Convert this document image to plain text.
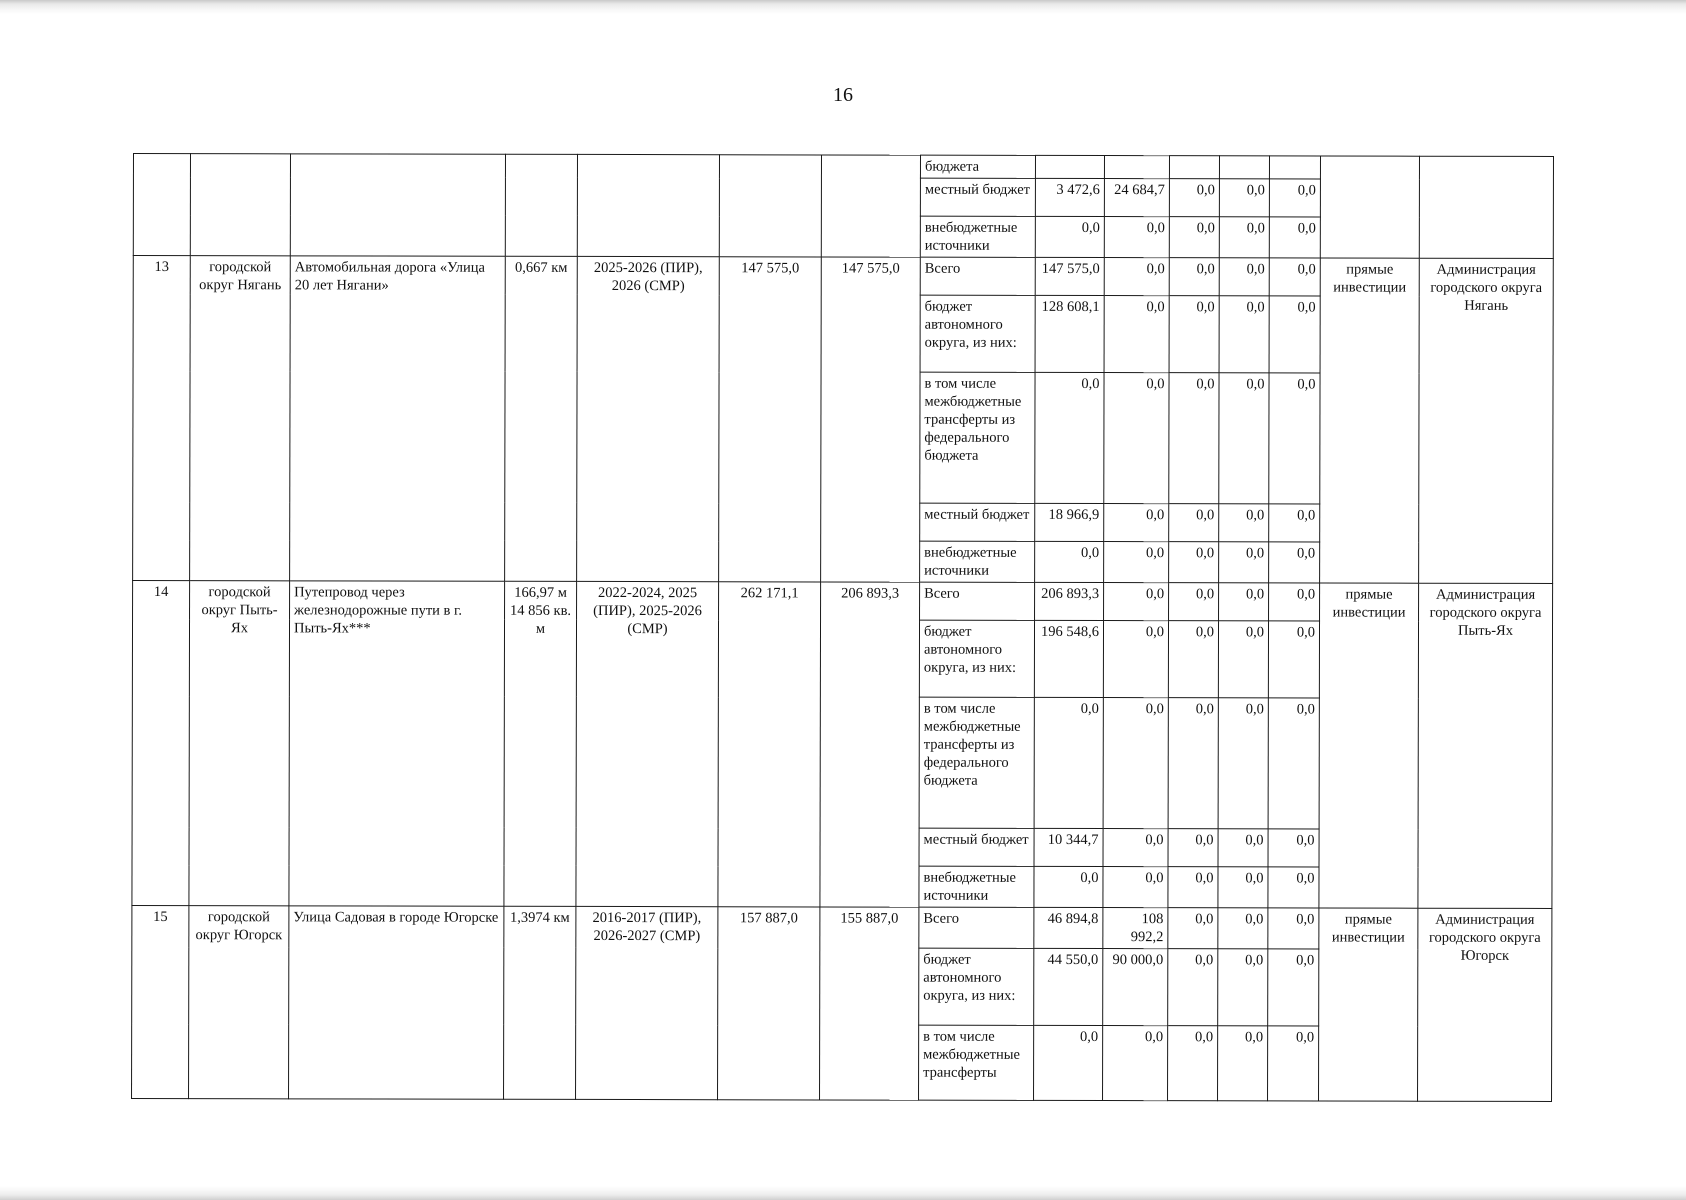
16
							бюджета							
							местный бюджет	3 472,6	24 684,7	0,0	0,0	0,0		
							внебюджетные источники	0,0	0,0	0,0	0,0	0,0		
13	городской округ Нягань	Автомобильная дорога «Улица 20 лет Нягани»	0,667 км	2025-2026 (ПИР), 2026 (СМР)	147 575,0	147 575,0	Всего	147 575,0	0,0	0,0	0,0	0,0	прямые инвестиции	Администрация городского округа Нягань
							бюджет автономного округа, из них:	128 608,1	0,0	0,0	0,0	0,0		
							в том числе межбюджетные трансферты из федерального бюджета	0,0	0,0	0,0	0,0	0,0		
							местный бюджет	18 966,9	0,0	0,0	0,0	0,0		
							внебюджетные источники	0,0	0,0	0,0	0,0	0,0		
14	городской округ Пыть-Ях	Путепровод через железнодорожные пути в г. Пыть-Ях***	166,97 м 14 856 кв. м	2022-2024, 2025 (ПИР), 2025-2026 (СМР)	262 171,1	206 893,3	Всего	206 893,3	0,0	0,0	0,0	0,0	прямые инвестиции	Администрация городского округа Пыть-Ях
							бюджет автономного округа, из них:	196 548,6	0,0	0,0	0,0	0,0		
							в том числе межбюджетные трансферты из федерального бюджета	0,0	0,0	0,0	0,0	0,0		
							местный бюджет	10 344,7	0,0	0,0	0,0	0,0		
							внебюджетные источники	0,0	0,0	0,0	0,0	0,0		
15	городской округ Югорск	Улица Садовая в городе Югорске	1,3974 км	2016-2017 (ПИР), 2026-2027 (СМР)	157 887,0	155 887,0	Всего	46 894,8	108 992,2	0,0	0,0	0,0	прямые инвестиции	Администрация городского округа Югорск
							бюджет автономного округа, из них:	44 550,0	90 000,0	0,0	0,0	0,0		
							в том числе межбюджетные трансферты	0,0	0,0	0,0	0,0	0,0		
